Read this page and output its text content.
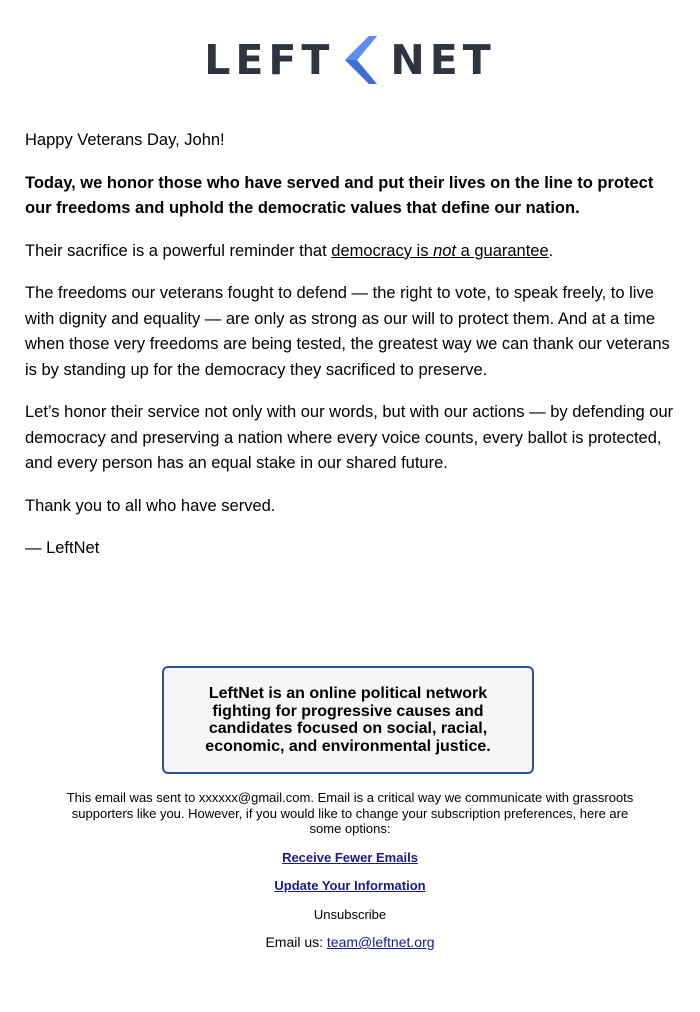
LEFT NET

Happy Veterans Day, John!

Today, we honor those who have served and put their lives on the line to protect our freedoms and uphold the democratic values that define our nation.

Their sacrifice is a powerful reminder that democracy is not a guarantee.

The freedoms our veterans fought to defend — the right to vote, to speak freely, to live with dignity and equality — are only as strong as our will to protect them. And at a time when those very freedoms are being tested, the greatest way we can thank our veterans is by standing up for the democracy they sacrificed to preserve.

Let’s honor their service not only with our words, but with our actions — by defending our democracy and preserving a nation where every voice counts, every ballot is protected, and every person has an equal stake in our shared future.

Thank you to all who have served.

— LeftNet

LeftNet is an online political network fighting for progressive causes and candidates focused on social, racial, economic, and environmental justice.
This email was sent to xxxxxx@gmail.com. Email is a critical way we communicate with grassroots supporters like you. However, if you would like to change your subscription preferences, here are some options:
Receive Fewer Emails
Update Your Information
Unsubscribe
Email us: team@leftnet.org
